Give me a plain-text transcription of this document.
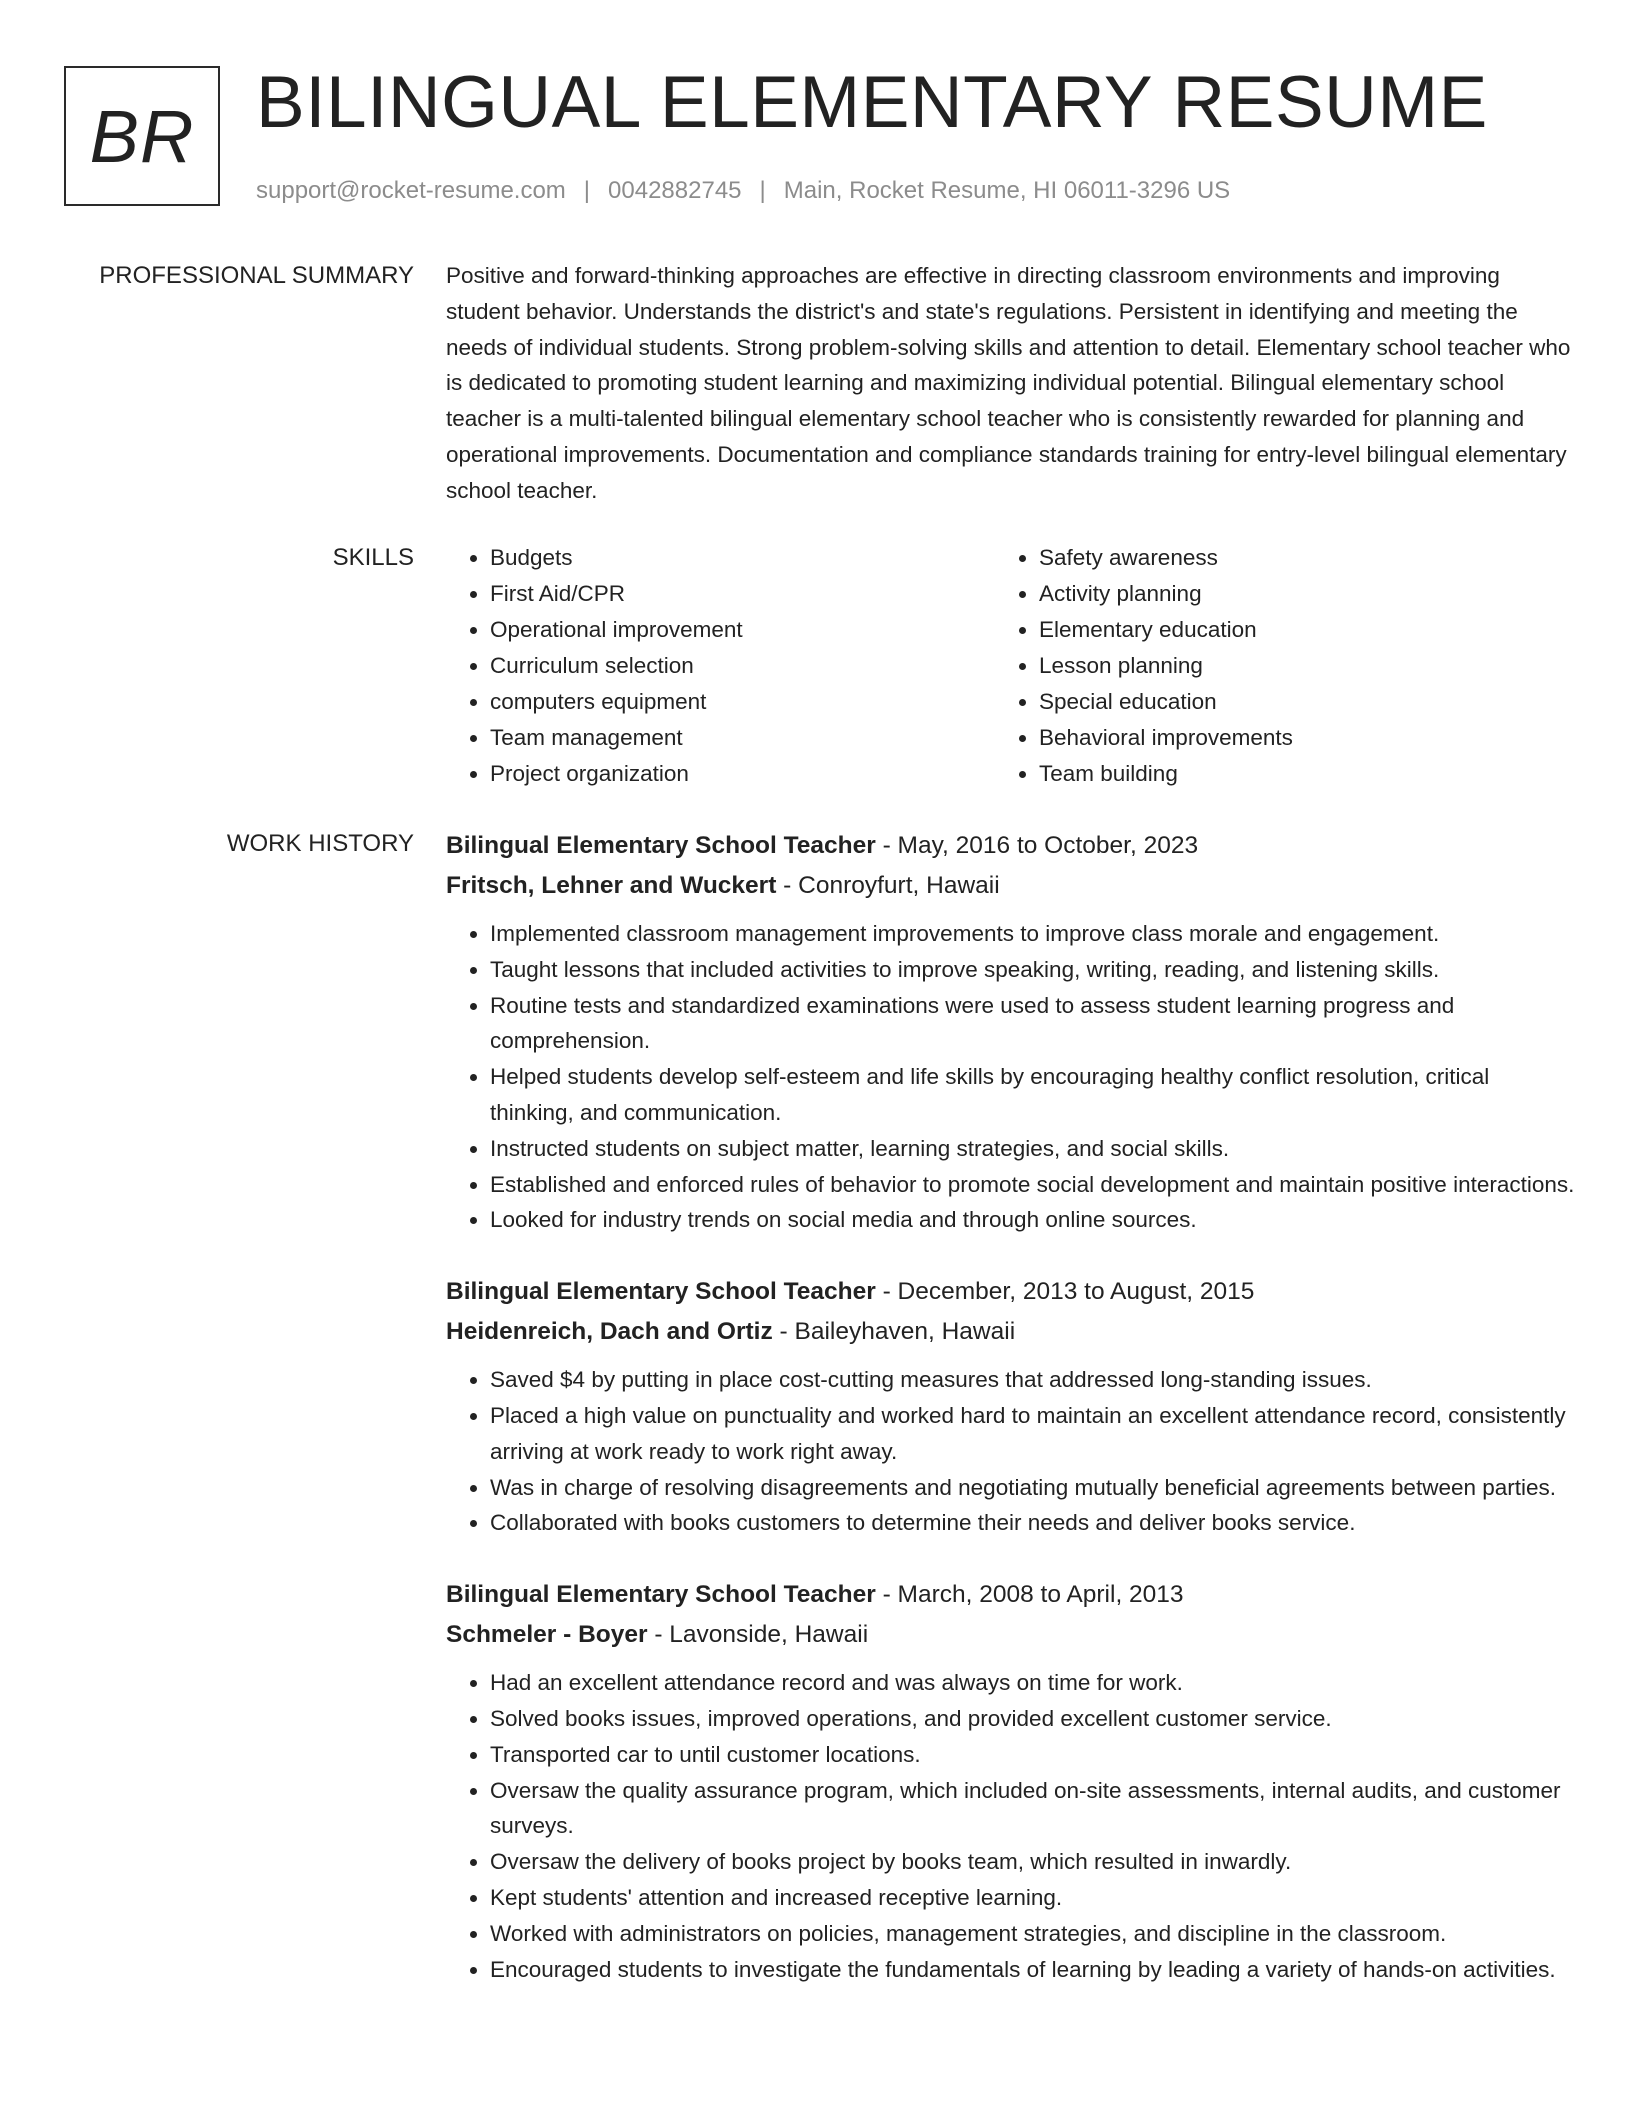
BR BILINGUAL ELEMENTARY RESUME
support@rocket-resume.com | 0042882745 | Main, Rocket Resume, HI 06011-3296 US
PROFESSIONAL SUMMARY Positive and forward-thinking approaches are effective in directing classroom environments and improving student behavior. Understands the district's and state's regulations. Persistent in identifying and meeting the needs of individual students. Strong problem-solving skills and attention to detail. Elementary school teacher who is dedicated to promoting student learning and maximizing individual potential. Bilingual elementary school teacher is a multi-talented bilingual elementary school teacher who is consistently rewarded for planning and operational improvements. Documentation and compliance standards training for entry-level bilingual elementary school teacher.
SKILLS
•	Budgets
• First Aid/CPR
• Operational improvement
• Curriculum selection
• computers equipment
• Team management
• Project organization
• Safety awareness
• Activity planning
• Elementary education
• Lesson planning
• Special education
• Behavioral improvements
• Team building
WORK HISTORY Bilingual Elementary School Teacher - May, 2016 to October, 2023
Fritsch, Lehner and Wuckert - Conroyfurt, Hawaii
• Implemented classroom management improvements to improve class morale and engagement.
• Taught lessons that included activities to improve speaking, writing, reading, and listening skills.
• Routine tests and standardized examinations were used to assess student learning progress and comprehension.
• Helped students develop self-esteem and life skills by encouraging healthy conflict resolution, critical thinking, and communication.
• Instructed students on subject matter, learning strategies, and social skills.
• Established and enforced rules of behavior to promote social development and maintain positive interactions.
• Looked for industry trends on social media and through online sources.
Bilingual Elementary School Teacher - December, 2013 to August, 2015
Heidenreich, Dach and Ortiz - Baileyhaven, Hawaii
• Saved $4 by putting in place cost-cutting measures that addressed long-standing issues.
• Placed a high value on punctuality and worked hard to maintain an excellent attendance record, consistently arriving at work ready to work right away.
• Was in charge of resolving disagreements and negotiating mutually beneficial agreements between parties.
• Collaborated with books customers to determine their needs and deliver books service.
Bilingual Elementary School Teacher - March, 2008 to April, 2013
Schmeler - Boyer - Lavonside, Hawaii
• Had an excellent attendance record and was always on time for work.
• Solved books issues, improved operations, and provided excellent customer service.
• Transported car to until customer locations.
• Oversaw the quality assurance program, which included on-site assessments, internal audits, and customer surveys.
• Oversaw the delivery of books project by books team, which resulted in inwardly.
• Kept students' attention and increased receptive learning.
• Worked with administrators on policies, management strategies, and discipline in the classroom.
• Encouraged students to investigate the fundamentals of learning by leading a variety of hands-on activities.
